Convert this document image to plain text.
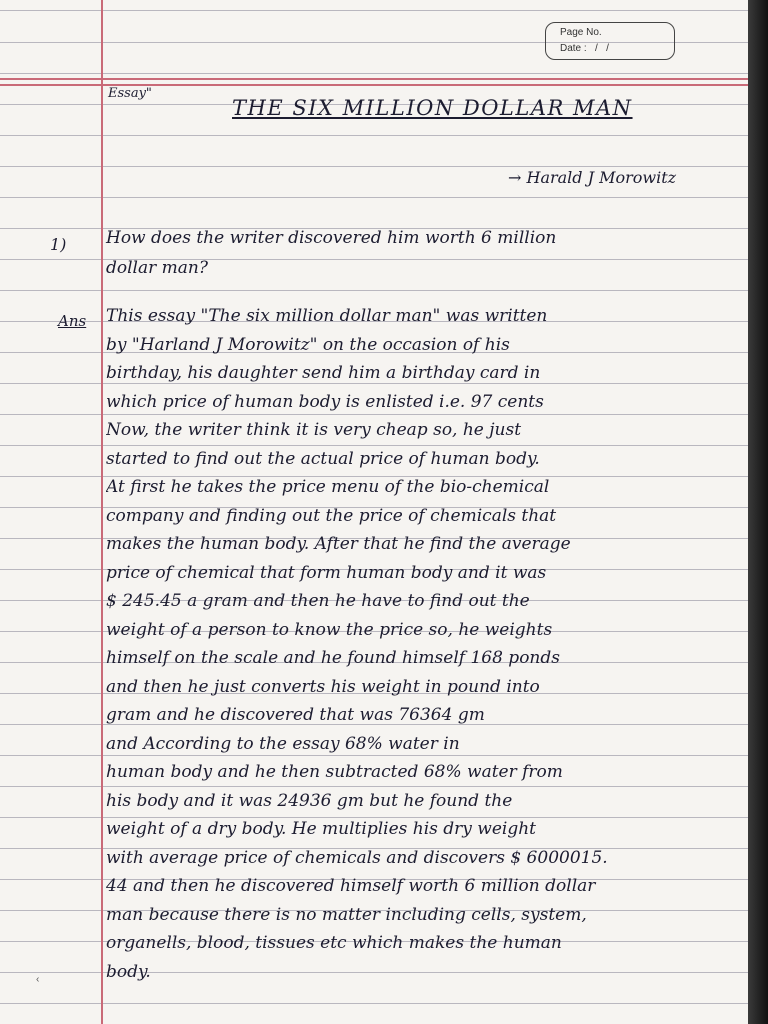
Page No.
Date :   /   /
Essay"
THE SIX MILLION DOLLAR MAN
→ Harald J Morowitz
1) How does the writer discovered him worth 6 million
dollar man?
Ans This essay "The six million dollar man" was written
by "Harland J Morowitz" on the occasion of his
birthday, his daughter send him a birthday card in
which price of human body is enlisted i.e. 97 cents
Now, the writer think it is very cheap so, he just
started to find out the actual price of human body.
At first he takes the price menu of the bio-chemical
company and finding out the price of chemicals that
makes the human body. After that he find the average
price of chemical that form human body and it was
$ 245.45 a gram and then he have to find out the
weight of a person to know the price so, he weights
himself on the scale and he found himself 168 ponds
and then he just converts his weight in pound into
gram and he discovered that was 76364 gm
and According to the essay 68% water in
human body and he then subtracted 68% water from
his body and it was 24936 gm but he found the
weight of a dry body. He multiplies his dry weight
with average price of chemicals and discovers $ 6000015.
44 and then he discovered himself worth 6 million dollar
man because there is no matter including cells, system,
organells, blood, tissues etc which makes the human
body.
‹
